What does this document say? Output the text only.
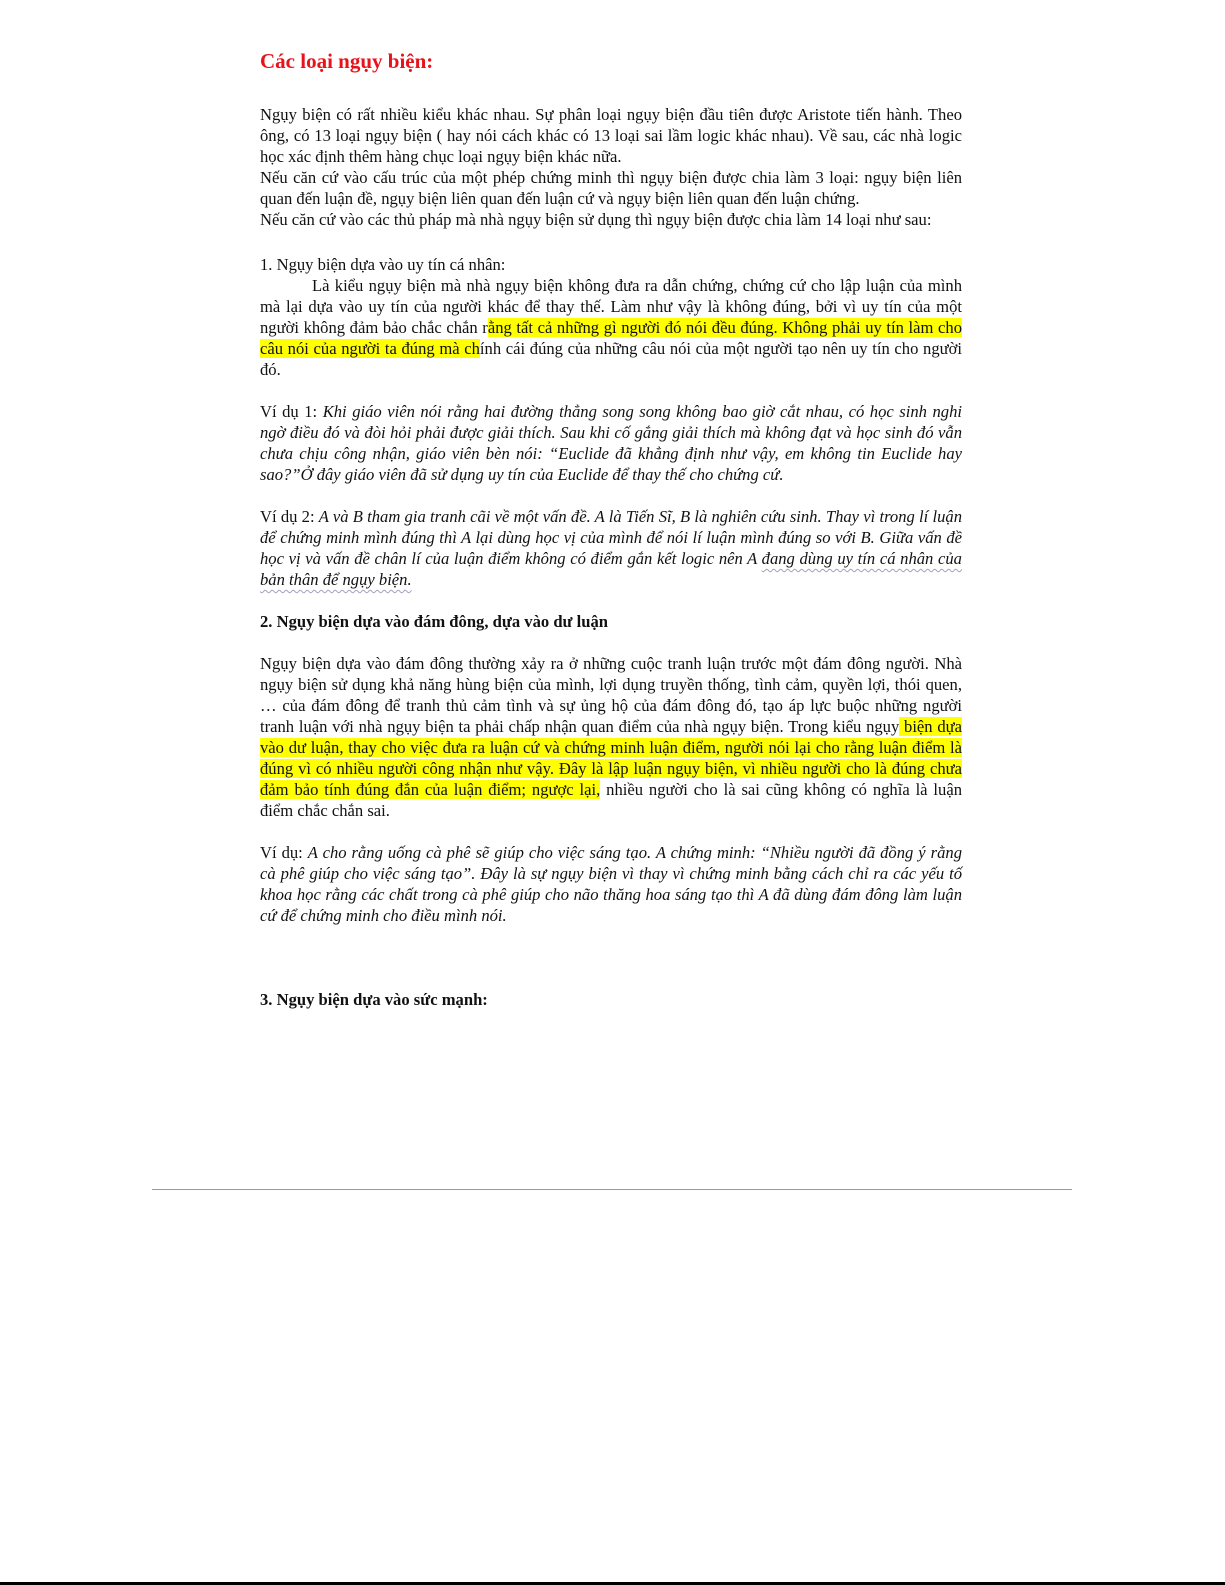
Các loại ngụy biện:

Ngụy biện có rất nhiều kiểu khác nhau. Sự phân loại ngụy biện đầu tiên được Aristote tiến hành. Theo ông, có 13 loại ngụy biện ( hay nói cách khác có 13 loại sai lầm logic khác nhau). Về sau, các nhà logic học xác định thêm hàng chục loại ngụy biện khác nữa.

Nếu căn cứ vào cấu trúc của một phép chứng minh thì ngụy biện được chia làm 3 loại: ngụy biện liên quan đến luận đề, ngụy biện liên quan đến luận cứ và ngụy biện liên quan đến luận chứng.

Nếu căn cứ vào các thủ pháp mà nhà ngụy biện sử dụng thì ngụy biện được chia làm 14 loại như sau:

1. Ngụy biện dựa vào uy tín cá nhân:

Là kiểu ngụy biện mà nhà ngụy biện không đưa ra dẫn chứng, chứng cứ cho lập luận của mình mà lại dựa vào uy tín của người khác để thay thế. Làm như vậy là không đúng, bởi vì uy tín của một người không đảm bảo chắc chắn rằng tất cả những gì người đó nói đều đúng. Không phải uy tín làm cho câu nói của người ta đúng mà chính cái đúng của những câu nói của một người tạo nên uy tín cho người đó.

Ví dụ 1: Khi giáo viên nói rằng hai đường thẳng song song không bao giờ cắt nhau, có học sinh nghi ngờ điều đó và đòi hỏi phải được giải thích. Sau khi cố gắng giải thích mà không đạt và học sinh đó vẫn chưa chịu công nhận, giáo viên bèn nói: “Euclide đã khẳng định như vậy, em không tin Euclide hay sao?”Ở đây giáo viên đã sử dụng uy tín của Euclide để thay thế cho chứng cứ.

Ví dụ 2: A và B tham gia tranh cãi về một vấn đề. A là Tiến Sĩ, B là nghiên cứu sinh. Thay vì trong lí luận để chứng minh mình đúng thì A lại dùng học vị của mình để nói lí luận mình đúng so với B. Giữa vấn đề học vị và vấn đề chân lí của luận điểm không có điểm gắn kết logic nên A đang dùng uy tín cá nhân của bản thân để ngụy biện.

2. Ngụy biện dựa vào đám đông, dựa vào dư luận

Ngụy biện dựa vào đám đông thường xảy ra ở những cuộc tranh luận trước một đám đông người. Nhà ngụy biện sử dụng khả năng hùng biện của mình, lợi dụng truyền thống, tình cảm, quyền lợi, thói quen, … của đám đông để tranh thủ cảm tình và sự ủng hộ của đám đông đó, tạo áp lực buộc những người tranh luận với nhà ngụy biện ta phải chấp nhận quan điểm của nhà ngụy biện. Trong kiểu ngụy biện dựa vào dư luận, thay cho việc đưa ra luận cứ và chứng minh luận điểm, người nói lại cho rằng luận điểm là đúng vì có nhiều người công nhận như vậy. Đây là lập luận ngụy biện, vì nhiều người cho là đúng chưa đảm bảo tính đúng đắn của luận điểm; ngược lại, nhiều người cho là sai cũng không có nghĩa là luận điểm chắc chắn sai.

Ví dụ: A cho rằng uống cà phê sẽ giúp cho việc sáng tạo. A chứng minh: “Nhiều người đã đồng ý rằng cà phê giúp cho việc sáng tạo”. Đây là sự ngụy biện vì thay vì chứng minh bằng cách chỉ ra các yếu tố khoa học rằng các chất trong cà phê giúp cho não thăng hoa sáng tạo thì A đã dùng đám đông làm luận cứ để chứng minh cho điều mình nói.

3. Ngụy biện dựa vào sức mạnh:
